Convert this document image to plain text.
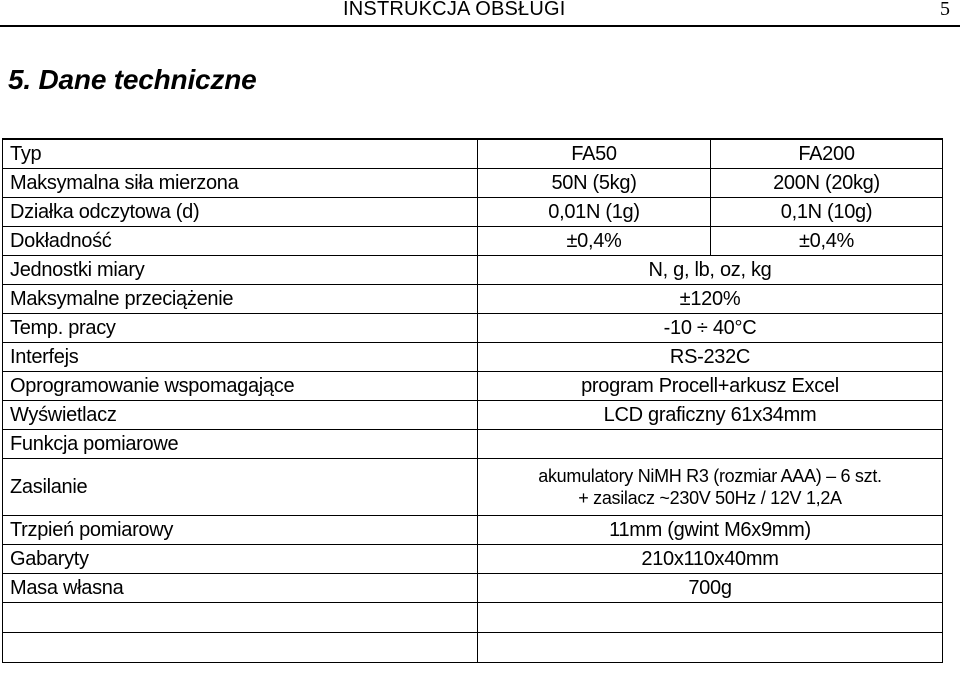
INSTRUKCJA OBSŁUGI	5
5. Dane techniczne
Typ	FA50	FA200
Maksymalna siła mierzona	50N (5kg)	200N (20kg)
Działka odczytowa (d)	0,01N (1g)	0,1N (10g)
Dokładność	±0,4%	±0,4%
Jednostki miary	N, g, lb, oz, kg	
Maksymalne przeciążenie	±120%	
Temp. pracy	-10 ÷ 40°C	
Interfejs	RS-232C	
Oprogramowanie wspomagające	program Procell+arkusz Excel	
Wyświetlacz	LCD graficzny 61x34mm	
Funkcja pomiarowe		
Zasilanie	akumulatory NiMH R3 (rozmiar AAA) – 6 szt.
+ zasilacz ~230V 50Hz / 12V 1,2A	

Trzpień pomiarowy	11mm (gwint M6x9mm)	
Gabaryty	210x110x40mm	
Masa własna	700g	
